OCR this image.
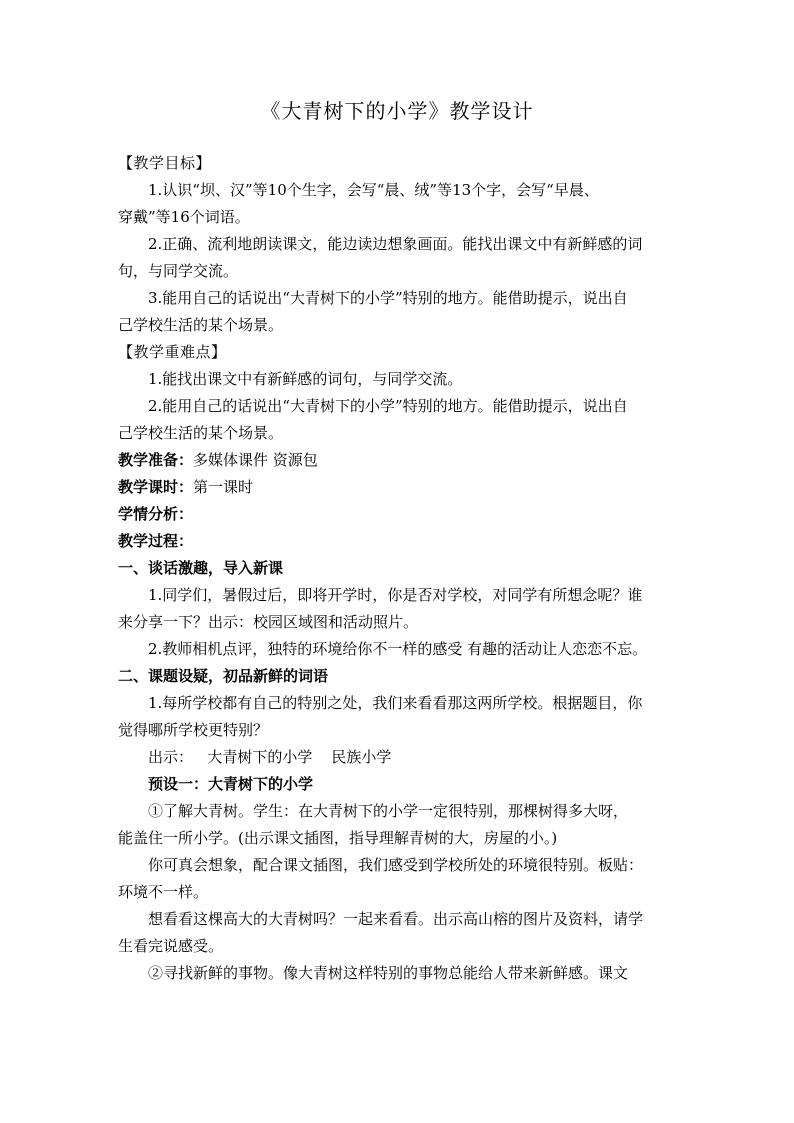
《大青树下的小学》教学设计
【教学目标】
1.认识“坝、汉”等10个生字，会写“晨、绒”等13个字，会写“早晨、
穿戴”等16个词语。
2.正确、流利地朗读课文，能边读边想象画面。能找出课文中有新鲜感的词
句，与同学交流。
3.能用自己的话说出“大青树下的小学”特别的地方。能借助提示，说出自
己学校生活的某个场景。
【教学重难点】
1.能找出课文中有新鲜感的词句，与同学交流。
2.能用自己的话说出“大青树下的小学”特别的地方。能借助提示，说出自
己学校生活的某个场景。
教学准备：多媒体课件 资源包
教学课时：第一课时
学情分析：
教学过程：
一、谈话激趣，导入新课
1.同学们，暑假过后，即将开学时，你是否对学校，对同学有所想念呢？谁
来分享一下？出示：校园区域图和活动照片。
2.教师相机点评，独特的环境给你不一样的感受 有趣的活动让人恋恋不忘。
二、课题设疑，初品新鲜的词语
1.每所学校都有自己的特别之处，我们来看看那这两所学校。根据题目，你
觉得哪所学校更特别？
出示： 大青树下的小学 民族小学
预设一：大青树下的小学
①了解大青树。学生：在大青树下的小学一定很特别，那棵树得多大呀，
能盖住一所小学。(出示课文插图，指导理解青树的大，房屋的小。)
你可真会想象，配合课文插图，我们感受到学校所处的环境很特别。板贴：
环境不一样。
想看看这棵高大的大青树吗？一起来看看。出示高山榕的图片及资料，请学
生看完说感受。
②寻找新鲜的事物。像大青树这样特别的事物总能给人带来新鲜感。课文
